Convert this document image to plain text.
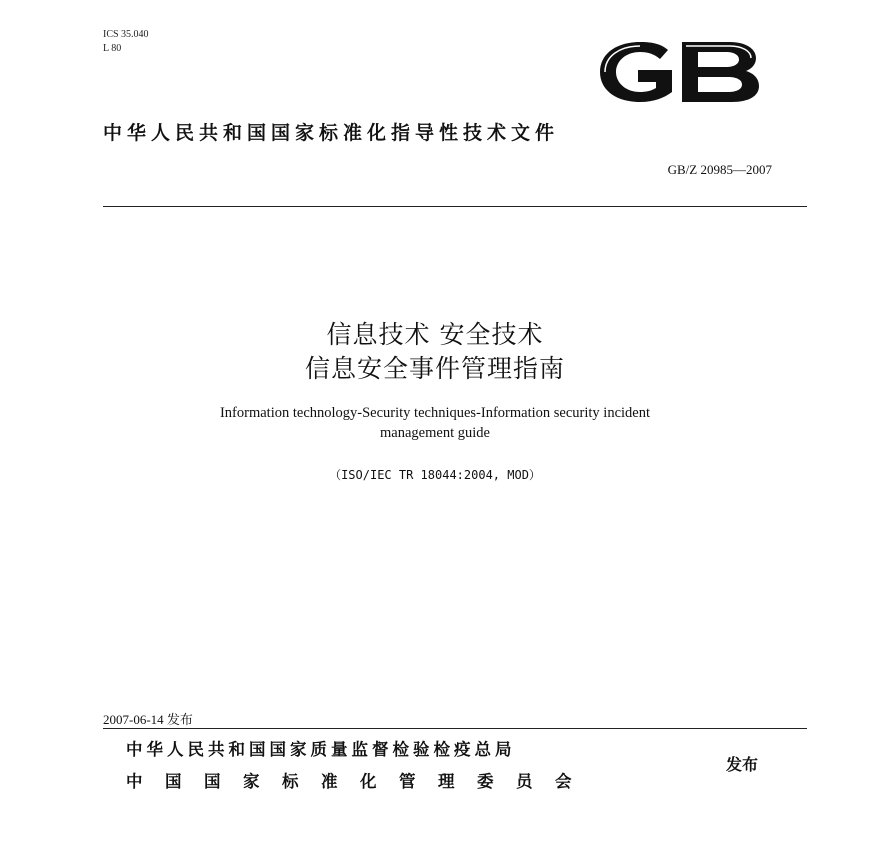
ICS 35.040
L 80
中华人民共和国国家标准化指导性技术文件
GB/Z 20985—2007
信息技术 安全技术
信息安全事件管理指南
Information technology-Security techniques-Information security incident
management guide
（ISO/IEC TR 18044:2004, MOD）
2007-06-14 发布
中华人民共和国国家质量监督检验检疫总局
中国国家标准化管理委员会
发布
